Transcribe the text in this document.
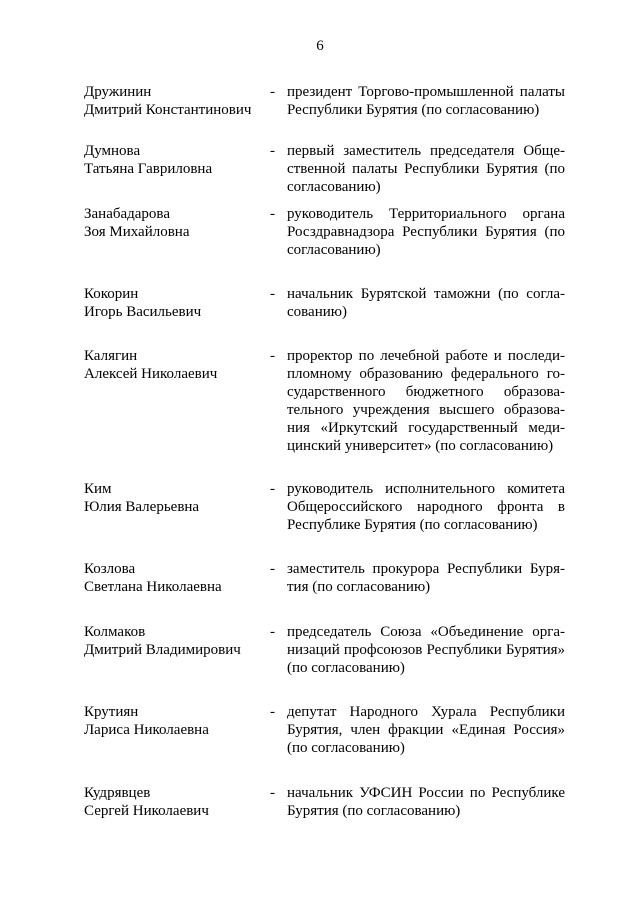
6
Дружинин
Дмитрий Константинович
- президент Торгово-промышленной палаты
Республики Бурятия (по согласованию)
Думнова
Татьяна Гавриловна
- первый заместитель председателя Обще-
ственной палаты Республики Бурятия (по
согласованию)
Занабадарова
Зоя Михайловна
- руководитель Территориального органа
Росздравнадзора Республики Бурятия (по
согласованию)
Кокорин
Игорь Васильевич
- начальник Бурятской таможни (по согла-
сованию)
Калягин
Алексей Николаевич
- проректор по лечебной работе и последи-
пломному образованию федерального го-
сударственного бюджетного образова-
тельного учреждения высшего образова-
ния «Иркутский государственный меди-
цинский университет» (по согласованию)
Ким
Юлия Валерьевна
- руководитель исполнительного комитета
Общероссийского народного фронта в
Республике Бурятия (по согласованию)
Козлова
Светлана Николаевна
- заместитель прокурора Республики Буря-
тия (по согласованию)
Колмаков
Дмитрий Владимирович
- председатель Союза «Объединение орга-
низаций профсоюзов Республики Бурятия»
(по согласованию)
Крутиян
Лариса Николаевна
- депутат Народного Хурала Республики
Бурятия, член фракции «Единая Россия»
(по согласованию)
Кудрявцев
Сергей Николаевич
- начальник УФСИН России по Республике
Бурятия (по согласованию)
